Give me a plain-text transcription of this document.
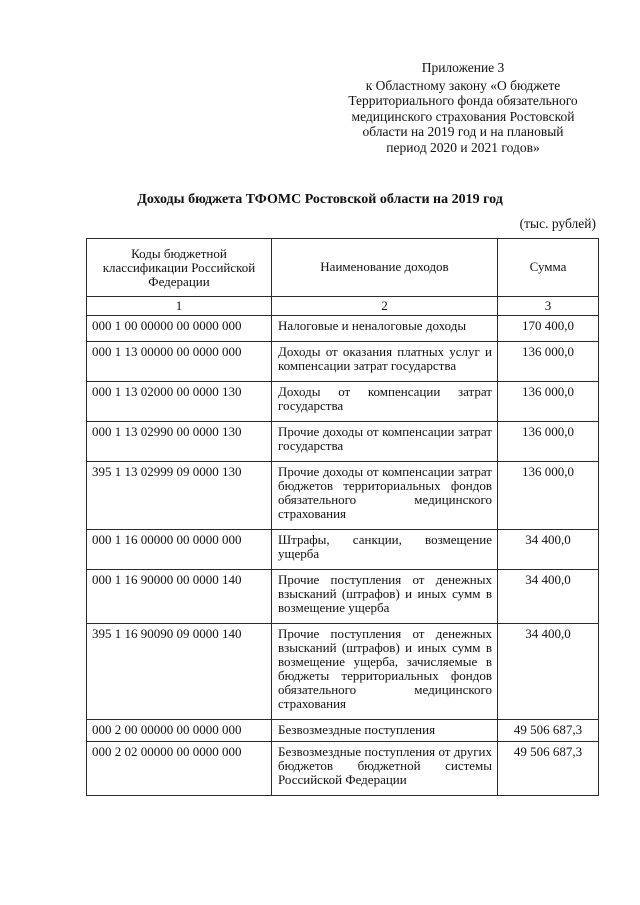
Приложение 3
к Областному закону «О бюджете
Территориального фонда обязательного
медицинского страхования Ростовской
области на 2019 год и на плановый
период 2020 и 2021 годов»
Доходы бюджета ТФОМС Ростовской области на 2019 год
(тыс. рублей)
Коды бюджетной классификации Российской Федерации	Наименование доходов	Сумма
1	2	3
000 1 00 00000 00 0000 000	Налоговые и неналоговые доходы	170 400,0
000 1 13 00000 00 0000 000	Доходы от оказания платных услуг и компенсации затрат государства	136 000,0
000 1 13 02000 00 0000 130	Доходы от компенсации затрат государства	136 000,0
000 1 13 02990 00 0000 130	Прочие доходы от компенсации затрат государства	136 000,0
395 1 13 02999 09 0000 130	Прочие доходы от компенсации затрат бюджетов территориальных фондов обязательного медицинского страхования	136 000,0
000 1 16 00000 00 0000 000	Штрафы, санкции, возмещение ущерба	34 400,0
000 1 16 90000 00 0000 140	Прочие поступления от денежных взысканий (штрафов) и иных сумм в возмещение ущерба	34 400,0
395 1 16 90090 09 0000 140	Прочие поступления от денежных взысканий (штрафов) и иных сумм в возмещение ущерба, зачисляемые в бюджеты территориальных фондов обязательного медицинского страхования	34 400,0
000 2 00 00000 00 0000 000	Безвозмездные поступления	49 506 687,3
000 2 02 00000 00 0000 000	Безвозмездные поступления от других бюджетов бюджетной системы Российской Федерации	49 506 687,3
